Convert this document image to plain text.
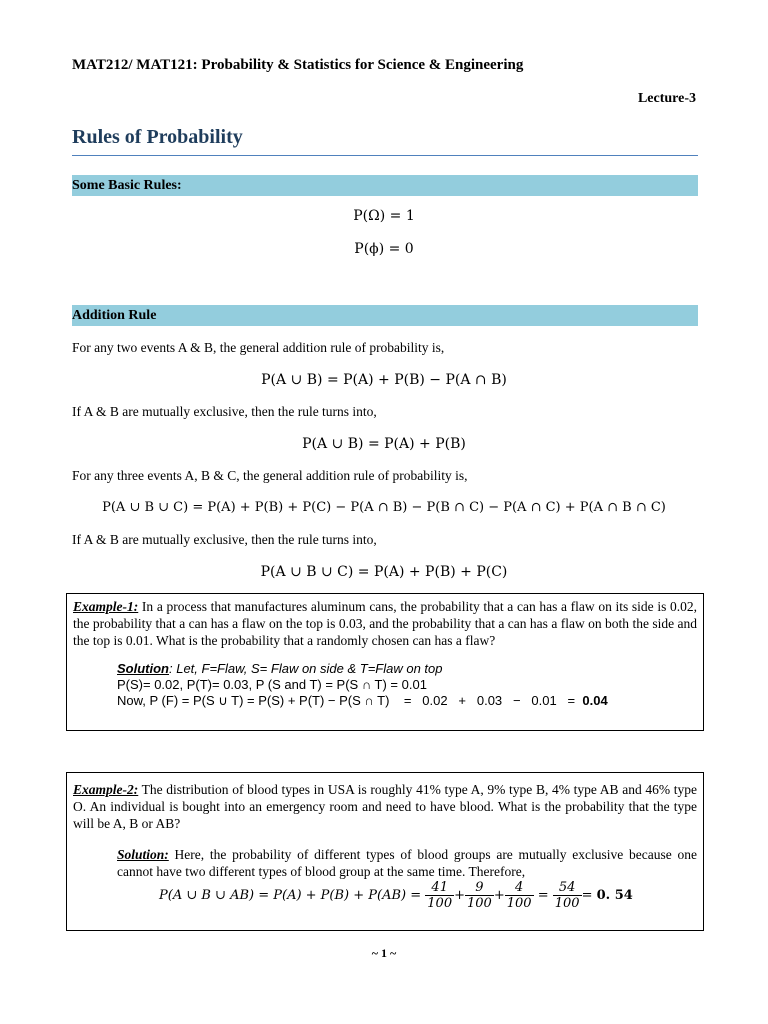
MAT212/ MAT121: Probability & Statistics for Science & Engineering
Lecture-3
Rules of Probability
Some Basic Rules:
P(Ω) = 1
P(ϕ) = 0
Addition Rule
For any two events A & B, the general addition rule of probability is,
P(A ∪ B) = P(A) + P(B) − P(A ∩ B)
If A & B are mutually exclusive, then the rule turns into,
P(A ∪ B) = P(A) + P(B)
For any three events A, B & C, the general addition rule of probability is,
P(A ∪ B ∪ C) = P(A) + P(B) + P(C) − P(A ∩ B) − P(B ∩ C) − P(A ∩ C) + P(A ∩ B ∩ C)
If A & B are mutually exclusive, then the rule turns into,
P(A ∪ B ∪ C) = P(A) + P(B) + P(C)
Example-1: In a process that manufactures aluminum cans, the probability that a can has a flaw on its side is 0.02, the probability that a can has a flaw on the top is 0.03, and the probability that a can has a flaw on both the side and the top is 0.01. What is the probability that a randomly chosen can has a flaw?
Solution: Let, F=Flaw, S= Flaw on side & T=Flaw on top
P(S)= 0.02, P(T)= 0.03, P (S and T) = P(S ∩ T) = 0.01
Now, P (F) = P(S ∪ T) = P(S) + P(T) − P(S ∩ T)    =   0.02   +   0.03   −   0.01   =  0.04
Example-2: The distribution of blood types in USA is roughly 41% type A, 9% type B, 4% type AB and 46% type O. An individual is bought into an emergency room and need to have blood. What is the probability that the type will be A, B or AB?
Solution: Here, the probability of different types of blood groups are mutually exclusive because one cannot have two different types of blood group at the same time. Therefore,
P(A ∪ B ∪ $AB) = P(A) + P(B) + P(AB) = \frac{41}{100} + \frac{9}{100} + \frac{4}{100} = \frac{54}{100} = 0$. 54
~ 1 ~
